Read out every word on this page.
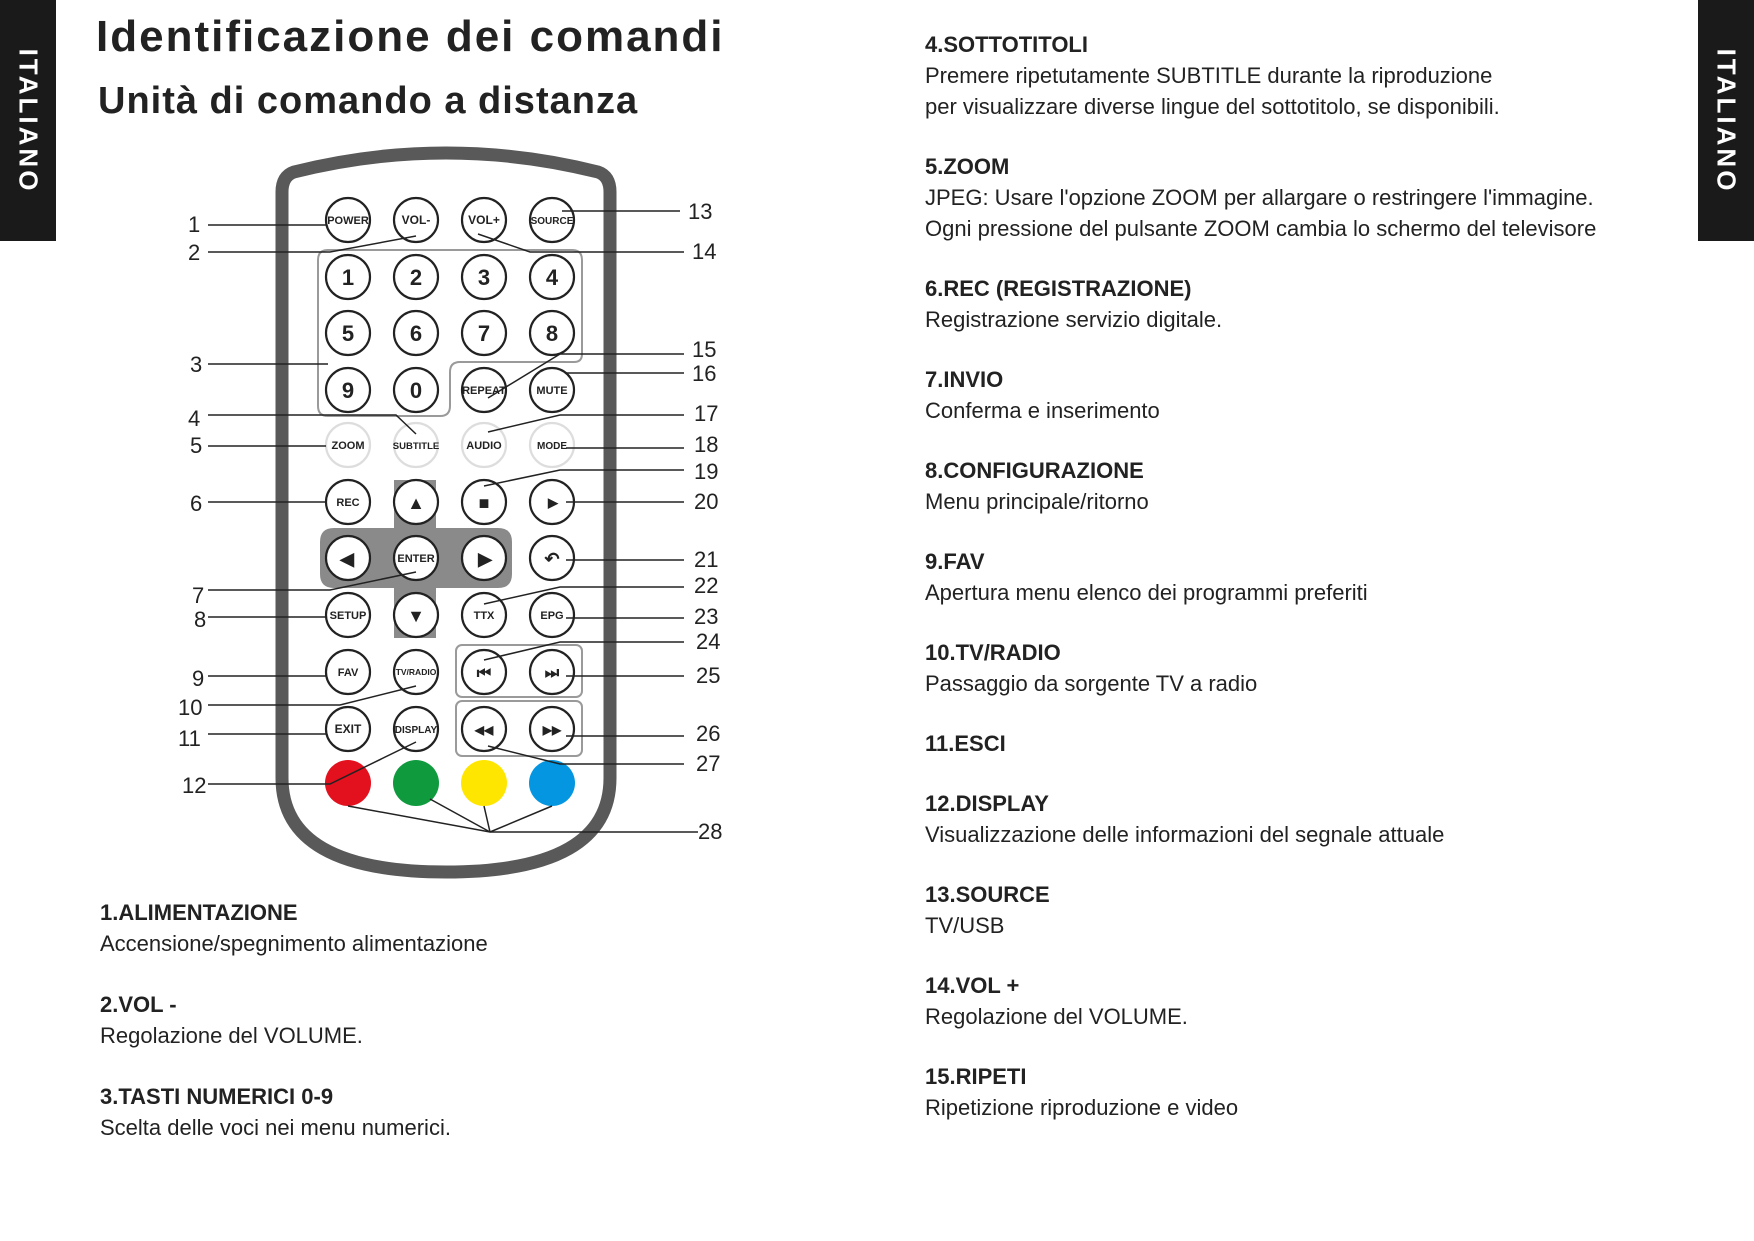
ITALIANO	ITALIANO
Identificazione dei comandi
Unità di comando a distanza
POWER	VOL-	VOL+	SOURCE
1	2	3	4
5	6	7	8
9	0	REPEAT	MUTE
ZOOM	SUBTITLE AUDIO	MODE
REC	▲	■	▶
◀	ENTER ▶	↶
SETUP ▼	TTX	EPG
FAV	TV/RADIO	⏮	⏭
EXIT	DISPLAY	◀◀	▶▶
1
2
3
4
5
6
7
8
9
10
11
12
13
14
15
16
17
18
19
20
21
22
23
24
25
26
27
28
1.ALIMENTAZIONE
Accensione/spegnimento alimentazione
2.VOL -
Regolazione del VOLUME.
3.TASTI NUMERICI 0-9
Scelta delle voci nei menu numerici.
4.SOTTOTITOLI
Premere ripetutamente SUBTITLE durante la riproduzione
per visualizzare diverse lingue del sottotitolo, se disponibili.
5.ZOOM
JPEG: Usare l'opzione ZOOM per allargare o restringere l'immagine.
Ogni pressione del pulsante ZOOM cambia lo schermo del televisore
6.REC (REGISTRAZIONE)
Registrazione servizio digitale.
7.INVIO
Conferma e inserimento
8.CONFIGURAZIONE
Menu principale/ritorno
9.FAV
Apertura menu elenco dei programmi preferiti
10.TV/RADIO
Passaggio da sorgente TV a radio
11.ESCI
12.DISPLAY
Visualizzazione delle informazioni del segnale attuale
13.SOURCE
TV/USB
14.VOL +
Regolazione del VOLUME.
15.RIPETI
Ripetizione riproduzione e video
